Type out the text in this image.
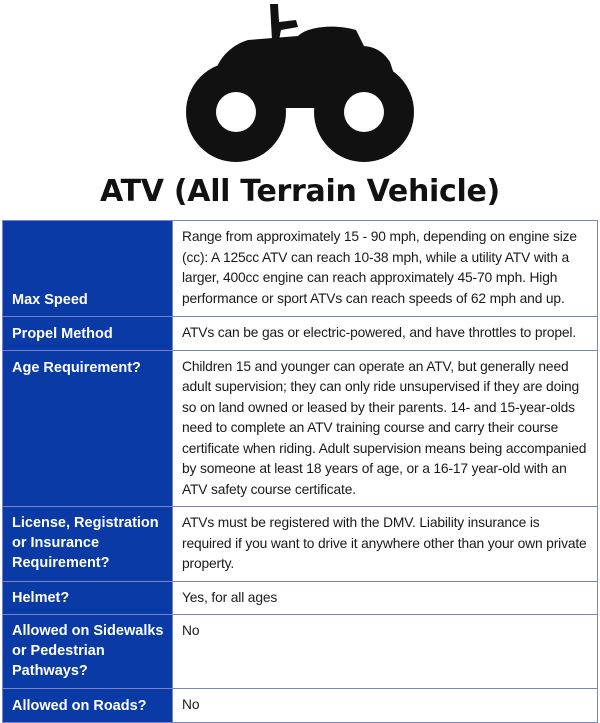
ATV (All Terrain Vehicle)
Max Speed	Range from approximately 15 - 90 mph, depending on engine size (cc): A 125cc ATV can reach 10-38 mph, while a utility ATV with a larger, 400cc engine can reach approximately 45-70 mph. High performance or sport ATVs can reach speeds of 62 mph and up.
Propel Method	ATVs can be gas or electric-powered, and have throttles to propel.
Age Requirement?	Children 15 and younger can operate an ATV, but generally need adult supervision; they can only ride unsupervised if they are doing so on land owned or leased by their parents. 14- and 15-year-olds need to complete an ATV training course and carry their course certificate when riding. Adult supervision means being accompanied by someone at least 18 years of age, or a 16-17 year-old with an ATV safety course certificate.
License, Registration or Insurance Requirement?	ATVs must be registered with the DMV. Liability insurance is required if you want to drive it anywhere other than your own private property.
Helmet?	Yes, for all ages
Allowed on Sidewalks or Pedestrian Pathways?	No
Allowed on Roads?	No
